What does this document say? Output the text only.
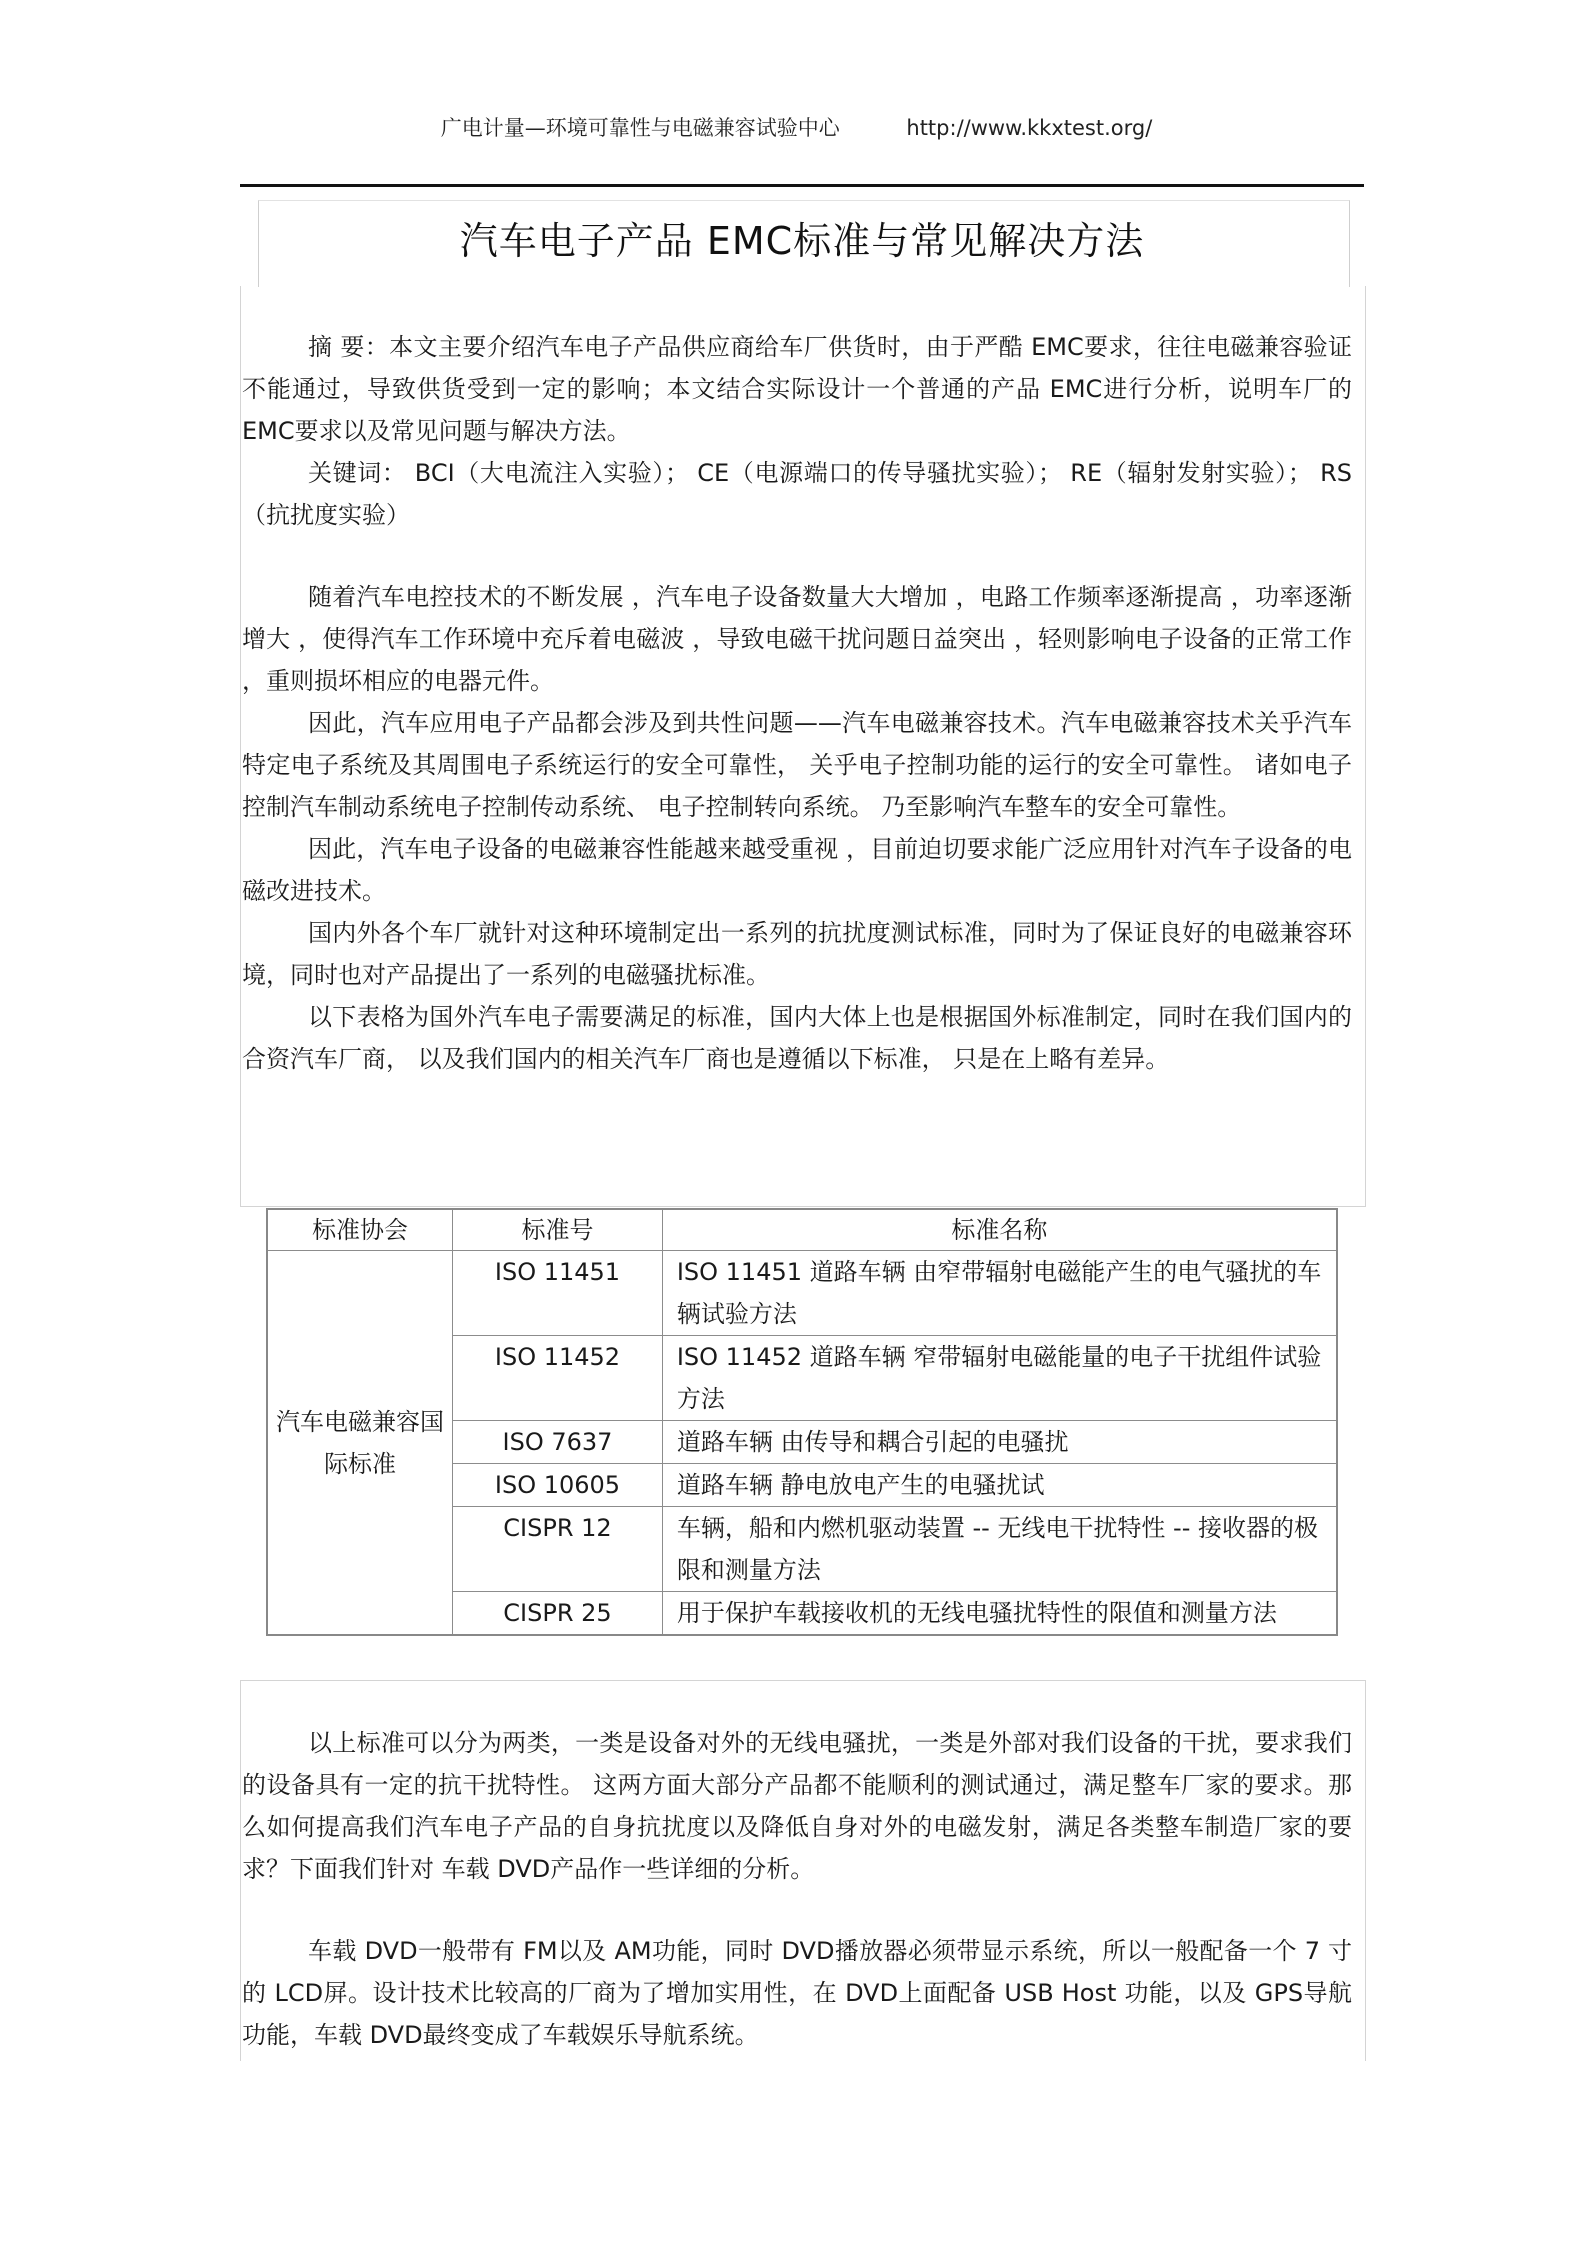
广电计量—环境可靠性与电磁兼容试验中心	http://www.kkxtest.org/
汽车电子产品 EMC标准与常见解决方法

摘 要：本文主要介绍汽车电子产品供应商给车厂供货时，由于严酷 EMC要求，往往电磁兼容验证不能通过，导致供货受到一定的影响；本文结合实际设计一个普通的产品 EMC进行分析，说明车厂的 EMC要求以及常见问题与解决方法。

关键词： BCI（大电流注入实验）； CE（电源端口的传导骚扰实验）； RE（辐射发射实验）； RS（抗扰度实验）

随着汽车电控技术的不断发展 ，汽车电子设备数量大大增加 ，电路工作频率逐渐提高 ，功率逐渐增大 ，使得汽车工作环境中充斥着电磁波 ，导致电磁干扰问题日益突出 ，轻则影响电子设备的正常工作 ，重则损坏相应的电器元件。

因此，汽车应用电子产品都会涉及到共性问题——汽车电磁兼容技术。汽车电磁兼容技术关乎汽车特定电子系统及其周围电子系统运行的安全可靠性， 关乎电子控制功能的运行的安全可靠性。 诸如电子控制汽车制动系统电子控制传动系统、 电子控制转向系统。 乃至影响汽车整车的安全可靠性。

因此，汽车电子设备的电磁兼容性能越来越受重视 ，目前迫切要求能广泛应用针对汽车子设备的电磁改进技术。

国内外各个车厂就针对这种环境制定出一系列的抗扰度测试标准，同时为了保证良好的电磁兼容环境，同时也对产品提出了一系列的电磁骚扰标准。

以下表格为国外汽车电子需要满足的标准，国内大体上也是根据国外标准制定，同时在我们国内的合资汽车厂商， 以及我们国内的相关汽车厂商也是遵循以下标准， 只是在上略有差异。

标准协会	标准号	标准名称
汽车电磁兼容国际标准	ISO 11451	ISO 11451 道路车辆 由窄带辐射电磁能产生的电气骚扰的车辆试验方法
	ISO 11452	ISO 11452 道路车辆 窄带辐射电磁能量的电子干扰组件试验方法
	ISO 7637	道路车辆 由传导和耦合引起的电骚扰
	ISO 10605	道路车辆 静电放电产生的电骚扰试
	CISPR 12	车辆，船和内燃机驱动装置 -- 无线电干扰特性 -- 接收器的极限和测量方法
	CISPR 25	用于保护车载接收机的无线电骚扰特性的限值和测量方法

以上标准可以分为两类，一类是设备对外的无线电骚扰，一类是外部对我们设备的干扰，要求我们的设备具有一定的抗干扰特性。 这两方面大部分产品都不能顺利的测试通过，满足整车厂家的要求。那么如何提高我们汽车电子产品的自身抗扰度以及降低自身对外的电磁发射，满足各类整车制造厂家的要求？下面我们针对 车载 DVD产品作一些详细的分析。

车载 DVD一般带有 FM以及 AM功能，同时 DVD播放器必须带显示系统，所以一般配备一个 7 寸的 LCD屏。设计技术比较高的厂商为了增加实用性，在 DVD上面配备 USB Host 功能，以及 GPS导航功能，车载 DVD最终变成了车载娱乐导航系统。
